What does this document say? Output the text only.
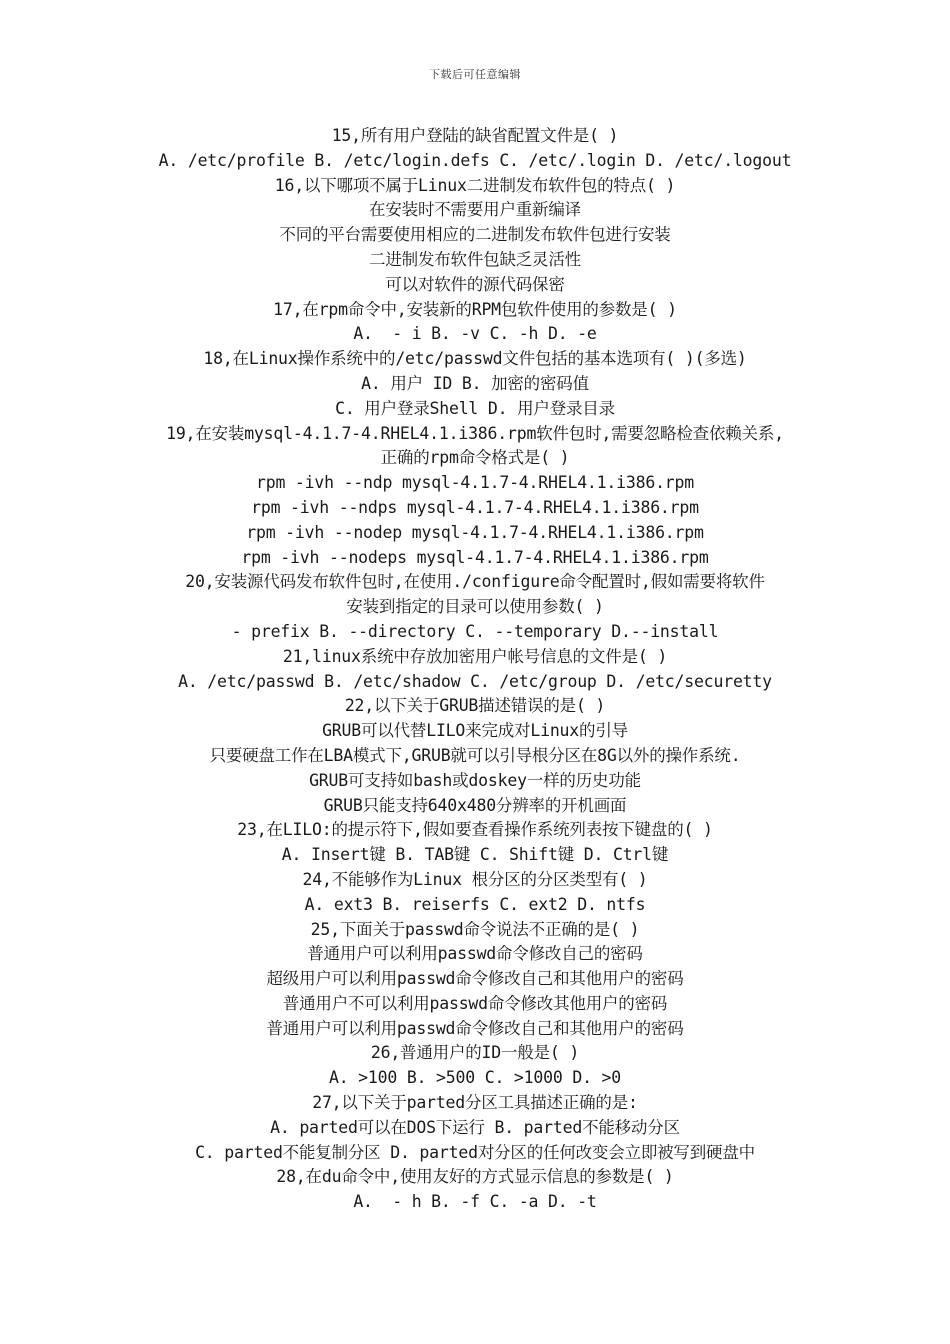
下载后可任意编辑
15,所有用户登陆的缺省配置文件是( )
A. /etc/profile B. /etc/login.defs C. /etc/.login D. /etc/.logout
16,以下哪项不属于Linux二进制发布软件包的特点( )
在安装时不需要用户重新编译
不同的平台需要使用相应的二进制发布软件包进行安装
二进制发布软件包缺乏灵活性
可以对软件的源代码保密
17,在rpm命令中,安装新的RPM包软件使用的参数是( )
A.  - i B. -v C. -h D. -e
18,在Linux操作系统中的/etc/passwd文件包括的基本选项有( )(多选)
A. 用户 ID B. 加密的密码值
C. 用户登录Shell D. 用户登录目录
19,在安装mysql-4.1.7-4.RHEL4.1.i386.rpm软件包时,需要忽略检查依赖关系,
正确的rpm命令格式是( )
rpm -ivh --ndp mysql-4.1.7-4.RHEL4.1.i386.rpm
rpm -ivh --ndps mysql-4.1.7-4.RHEL4.1.i386.rpm
rpm -ivh --nodep mysql-4.1.7-4.RHEL4.1.i386.rpm
rpm -ivh --nodeps mysql-4.1.7-4.RHEL4.1.i386.rpm
20,安装源代码发布软件包时,在使用./configure命令配置时,假如需要将软件
安装到指定的目录可以使用参数( )
- prefix B. --directory C. --temporary D.--install
21,linux系统中存放加密用户帐号信息的文件是( )
A. /etc/passwd B. /etc/shadow C. /etc/group D. /etc/securetty
22,以下关于GRUB描述错误的是( )
GRUB可以代替LILO来完成对Linux的引导
只要硬盘工作在LBA模式下,GRUB就可以引导根分区在8G以外的操作系统.
GRUB可支持如bash或doskey一样的历史功能
GRUB只能支持640x480分辨率的开机画面
23,在LILO:的提示符下,假如要查看操作系统列表按下键盘的( )
A. Insert键 B. TAB键 C. Shift键 D. Ctrl键
24,不能够作为Linux 根分区的分区类型有( )
A. ext3 B. reiserfs C. ext2 D. ntfs
25,下面关于passwd命令说法不正确的是( )
普通用户可以利用passwd命令修改自己的密码
超级用户可以利用passwd命令修改自己和其他用户的密码
普通用户不可以利用passwd命令修改其他用户的密码
普通用户可以利用passwd命令修改自己和其他用户的密码
26,普通用户的ID一般是( )
A. >100 B. >500 C. >1000 D. >0
27,以下关于parted分区工具描述正确的是:
A. parted可以在DOS下运行 B. parted不能移动分区
C. parted不能复制分区 D. parted对分区的任何改变会立即被写到硬盘中
28,在du命令中,使用友好的方式显示信息的参数是( )
A.  - h B. -f C. -a D. -t
